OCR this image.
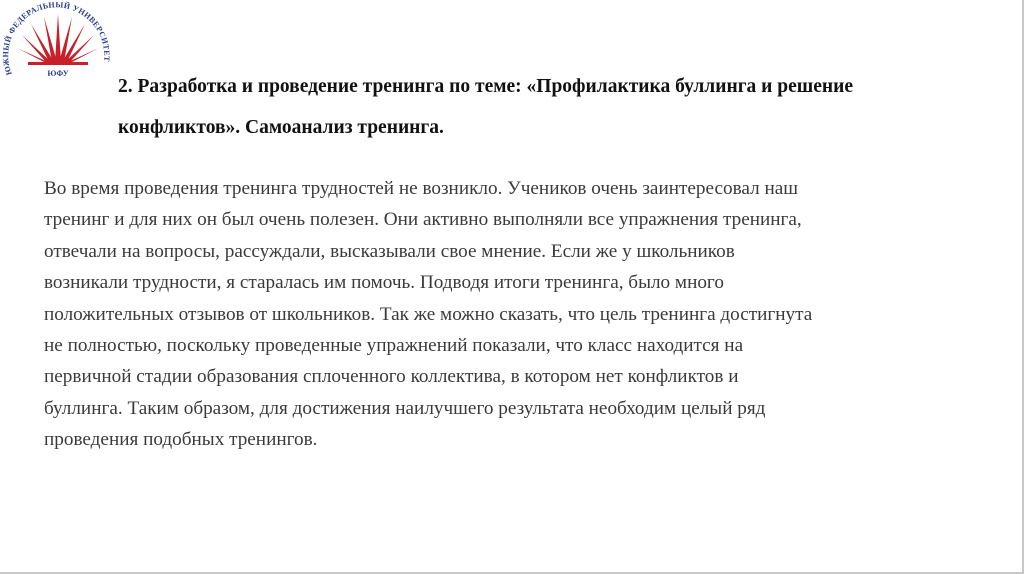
ЮЖНЫЙ ФЕДЕРАЛЬНЫЙ УНИВЕРСИТЕТ
ЮФУ
2. Разработка и проведение тренинга по теме: «Профилактика буллинга и решение
конфликтов». Самоанализ тренинга.
Во время проведения тренинга трудностей не возникло. Учеников очень заинтересовал наш
тренинг и для них он был очень полезен. Они активно выполняли все упражнения тренинга,
отвечали на вопросы, рассуждали, высказывали свое мнение. Если же у школьников
возникали трудности, я старалась им помочь. Подводя итоги тренинга, было много
положительных отзывов от школьников. Так же можно сказать, что цель тренинга достигнута
не полностью, поскольку проведенные упражнений показали, что класс находится на
первичной стадии образования сплоченного коллектива, в котором нет конфликтов и
буллинга. Таким образом, для достижения наилучшего результата необходим целый ряд
проведения подобных тренингов.
